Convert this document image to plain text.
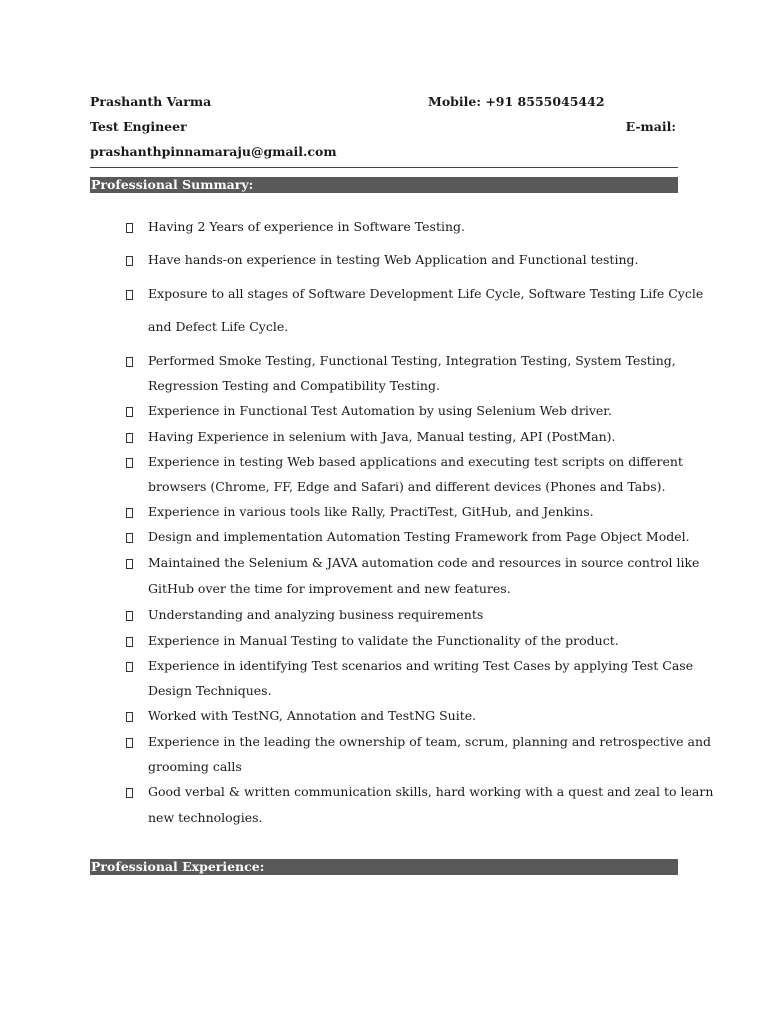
Prashanth Varma	Mobile: +91 8555045442
Test Engineer	E-mail:
prashanthpinnamaraju@gmail.com
Professional Summary:
Having 2 Years of experience in Software Testing.
Have hands-on experience in testing Web Application and Functional testing.
Exposure to all stages of Software Development Life Cycle, Software Testing Life Cycle
and Defect Life Cycle.
Performed Smoke Testing, Functional Testing, Integration Testing, System Testing,
Regression Testing and Compatibility Testing.
Experience in Functional Test Automation by using Selenium Web driver.
Having Experience in selenium with Java, Manual testing, API (PostMan).
Experience in testing Web based applications and executing test scripts on different
browsers (Chrome, FF, Edge and Safari) and different devices (Phones and Tabs).
Experience in various tools like Rally, PractiTest, GitHub, and Jenkins.
Design and implementation Automation Testing Framework from Page Object Model.
Maintained the Selenium & JAVA automation code and resources in source control like
GitHub over the time for improvement and new features.
Understanding and analyzing business requirements
Experience in Manual Testing to validate the Functionality of the product.
Experience in identifying Test scenarios and writing Test Cases by applying Test Case
Design Techniques.
Worked with TestNG, Annotation and TestNG Suite.
Experience in the leading the ownership of team, scrum, planning and retrospective and
grooming calls
Good verbal & written communication skills, hard working with a quest and zeal to learn
new technologies.
Professional Experience:
